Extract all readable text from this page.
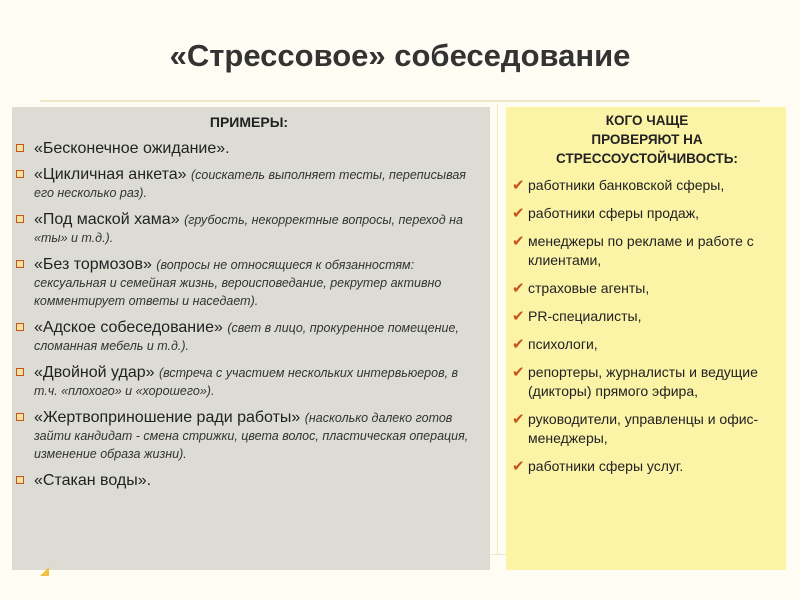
«Стрессовое» собеседование
ПРИМЕРЫ:
«Бесконечное ожидание».
«Цикличная анкета» (соискатель выполняет тесты, переписывая его несколько раз).
«Под маской хама» (грубость, некорректные вопросы, переход на «ты» и т.д.).
«Без тормозов» (вопросы не относящиеся к обязанностям: сексуальная и семейная жизнь, вероисповедание, рекрутер активно комментирует ответы и наседает).
«Адское собеседование» (свет в лицо, прокуренное помещение, сломанная мебель и т.д.).
«Двойной удар» (встреча с участием нескольких интервьюеров, в т.ч. «плохого» и «хорошего»).
«Жертвоприношение ради работы» (насколько далеко готов зайти кандидат - смена стрижки, цвета волос, пластическая операция, изменение образа жизни).
«Стакан воды».
КОГО ЧАЩЕ
ПРОВЕРЯЮТ НА
СТРЕССОУСТОЙЧИВОСТЬ:
✔ работники банковской сферы,
✔ работники сферы продаж,
✔ менеджеры по рекламе и работе с клиентами,
✔ страховые агенты,
✔ PR-специалисты,
✔ психологи,
✔ репортеры, журналисты и ведущие (дикторы) прямого эфира,
✔ руководители, управленцы и офис-менеджеры,
✔ работники сферы услуг.
